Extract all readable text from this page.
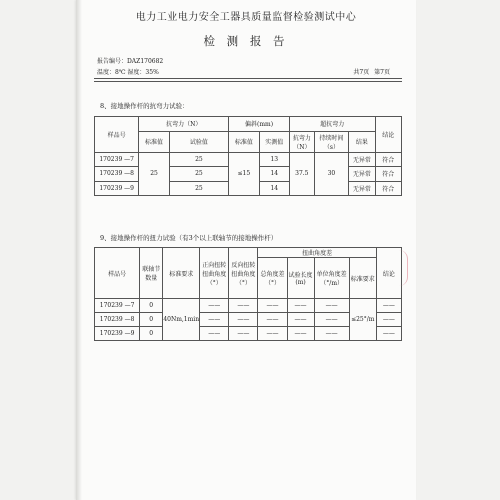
电力工业电力安全工器具质量监督检验测试中心
检 测 报 告
报告编号：DAZ170682
温度：8℃ 湿度：35%	共7页 第7页
8、接地操作杆的抗弯力试验：
样品号	抗弯力（N）		偏斜(mm)		超抗弯力			结论
	标准值	试验值	标准值	实测值	抗弯力（N）	持续时间（s）	结果	
170239 —7	25	25	≤15	13	37.5	30	无异常	符合
170239 —8		25		14			无异常	符合
170239 —9		25		14			无异常	符合
9、接地操作杆的扭力试验（有3个以上联轴节的接地操作杆）
样品号	联轴节数量	标准要求	正向扭转扭曲角度（°）	反向扭转扭曲角度（°）	扭曲角度差				结论
					总角度差（°）	试验长度(m)	单位角度差（°/m）	标准要求	
170239 —7	0	40Nm,1min	——	——	——	——	——	≤25°/m	——
170239 —8	0		——	——	——	——	——		——
170239 —9	0		——	——	——	——	——		——
